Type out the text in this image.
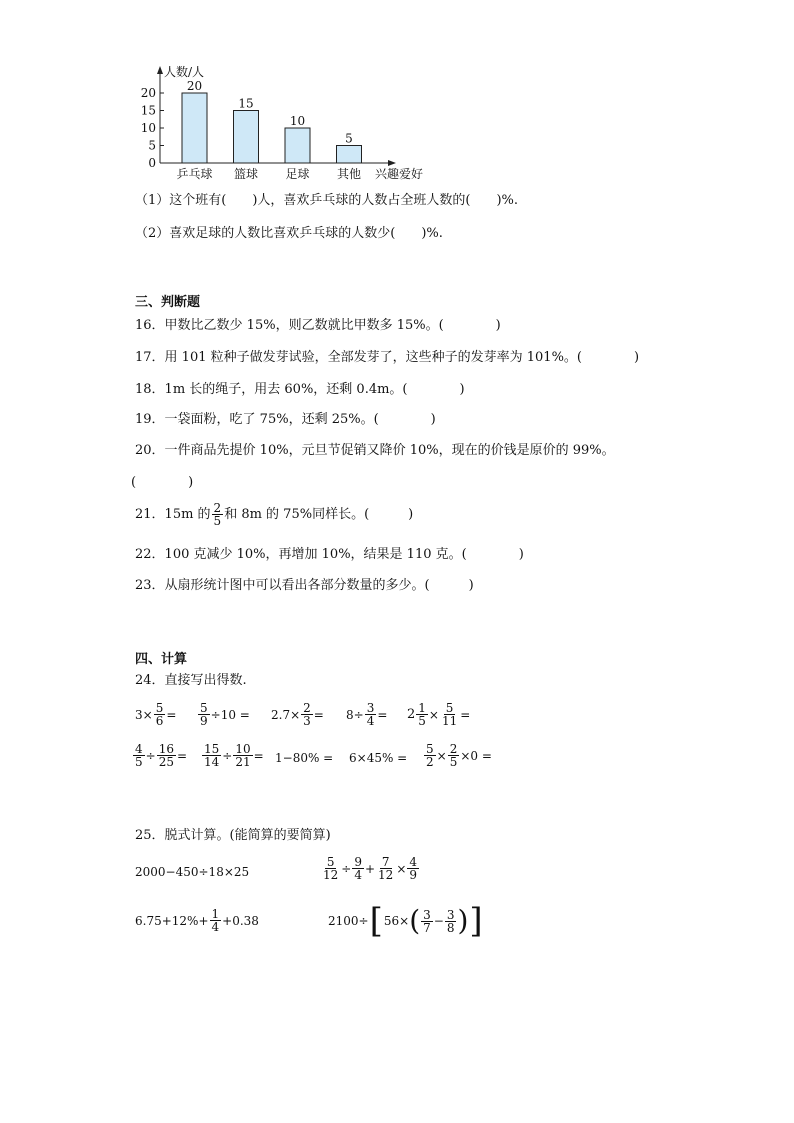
人数/人
0
5
10
15
20	20
乒乓球
15
篮球
10
足球
5
其他 兴趣爱好
（1）这个班有(　　)人，喜欢乒乓球的人数占全班人数的(　　)%.
（2）喜欢足球的人数比喜欢乒乓球的人数少(　　)%.
三、判断题
16．甲数比乙数少 15%，则乙数就比甲数多 15%。(　　　　)
17．用 101 粒种子做发芽试验，全部发芽了，这些种子的发芽率为 101%。(　　　　)
18．1m 长的绳子，用去 60%，还剩 0.4m。(　　　　)
19．一袋面粉，吃了 75%，还剩 25%。(　　　　)
20．一件商品先提价 10%，元旦节促销又降价 10%，现在的价钱是原价的 99%。
(　　　　)
21．15m 的 $\frac{2}{5}$ 和 8m 的 75%同样长。(　　　)
22．100 克减少 10%，再增加 10%，结果是 110 克。(　　　　)
23．从扇形统计图中可以看出各部分数量的多少。(　　　)
四、计算
24．直接写出得数.
$3\times \frac{5}{6} = \frac{5}{9} \div 10 = 2.7\times \frac{2}{3} = 8\div \frac{3}{4} = 2 \frac{1}{5} \times \frac{5}{11}$ =
$\frac{4}{5} \div \frac{16}{25} = \frac{15}{14} \div \frac{10}{21} = 1-80\% = 6\times 45\% = \frac{5}{2} \times \frac{2}{5} \times 0$ =
25．脱式计算。(能简算的要简算)
2000−450÷18×25	$\frac{5}{12} \div \frac{9}{4} + \frac{7}{12} \times \frac{4}{9}$
$6.75+12\%+ \frac{1}{4} +0.38$	2100÷ [ 56× ( $\frac{3}{7} - \frac{3}{8}$ ) ]
